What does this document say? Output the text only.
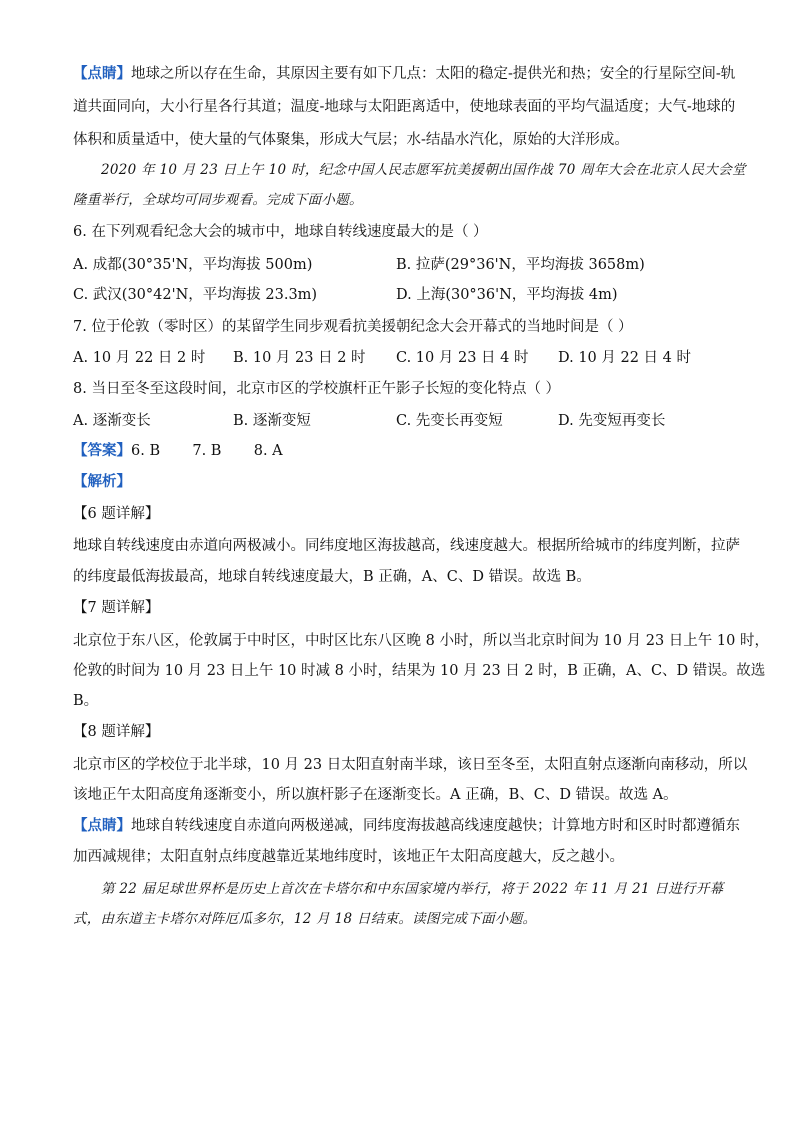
【点睛】地球之所以存在生命，其原因主要有如下几点：太阳的稳定-提供光和热；安全的行星际空间-轨
道共面同向，大小行星各行其道；温度-地球与太阳距离适中，使地球表面的平均气温适度；大气-地球的
体积和质量适中，使大量的气体聚集，形成大气层；水-结晶水汽化，原始的大洋形成。
2020 年 10 月 23 日上午 10 时，纪念中国人民志愿军抗美援朝出国作战 70 周年大会在北京人民大会堂
隆重举行，全球均可同步观看。完成下面小题。
6. 在下列观看纪念大会的城市中，地球自转线速度最大的是（ ）
A. 成都(30°35'N，平均海拔 500m)	B. 拉萨(29°36'N，平均海拔 3658m)
C. 武汉(30°42'N，平均海拔 23.3m)	D. 上海(30°36'N，平均海拔 4m)
7. 位于伦敦（零时区）的某留学生同步观看抗美援朝纪念大会开幕式的当地时间是（ ）
A. 10 月 22 日 2 时 B. 10 月 23 日 2 时 C. 10 月 23 日 4 时 D. 10 月 22 日 4 时
8. 当日至冬至这段时间，北京市区的学校旗杆正午影子长短的变化特点（ ）
A. 逐渐变长	B. 逐渐变短	C. 先变长再变短	D. 先变短再变长
【答案】6. B       7. B       8. A
【解析】
【6 题详解】
地球自转线速度由赤道向两极减小。同纬度地区海拔越高，线速度越大。根据所给城市的纬度判断，拉萨
的纬度最低海拔最高，地球自转线速度最大，B 正确，A、C、D 错误。故选 B。
【7 题详解】
北京位于东八区，伦敦属于中时区，中时区比东八区晚 8 小时，所以当北京时间为 10 月 23 日上午 10 时，
伦敦的时间为 10 月 23 日上午 10 时减 8 小时，结果为 10 月 23 日 2 时，B 正确，A、C、D 错误。故选
B。
【8 题详解】
北京市区的学校位于北半球，10 月 23 日太阳直射南半球，该日至冬至，太阳直射点逐渐向南移动，所以
该地正午太阳高度角逐渐变小，所以旗杆影子在逐渐变长。A 正确，B、C、D 错误。故选 A。
【点睛】地球自转线速度自赤道向两极递减，同纬度海拔越高线速度越快；计算地方时和区时时都遵循东
加西减规律；太阳直射点纬度越靠近某地纬度时，该地正午太阳高度越大，反之越小。
第 22 届足球世界杯是历史上首次在卡塔尔和中东国家境内举行，将于 2022 年 11 月 21 日进行开幕
式，由东道主卡塔尔对阵厄瓜多尔，12 月 18 日结束。读图完成下面小题。
